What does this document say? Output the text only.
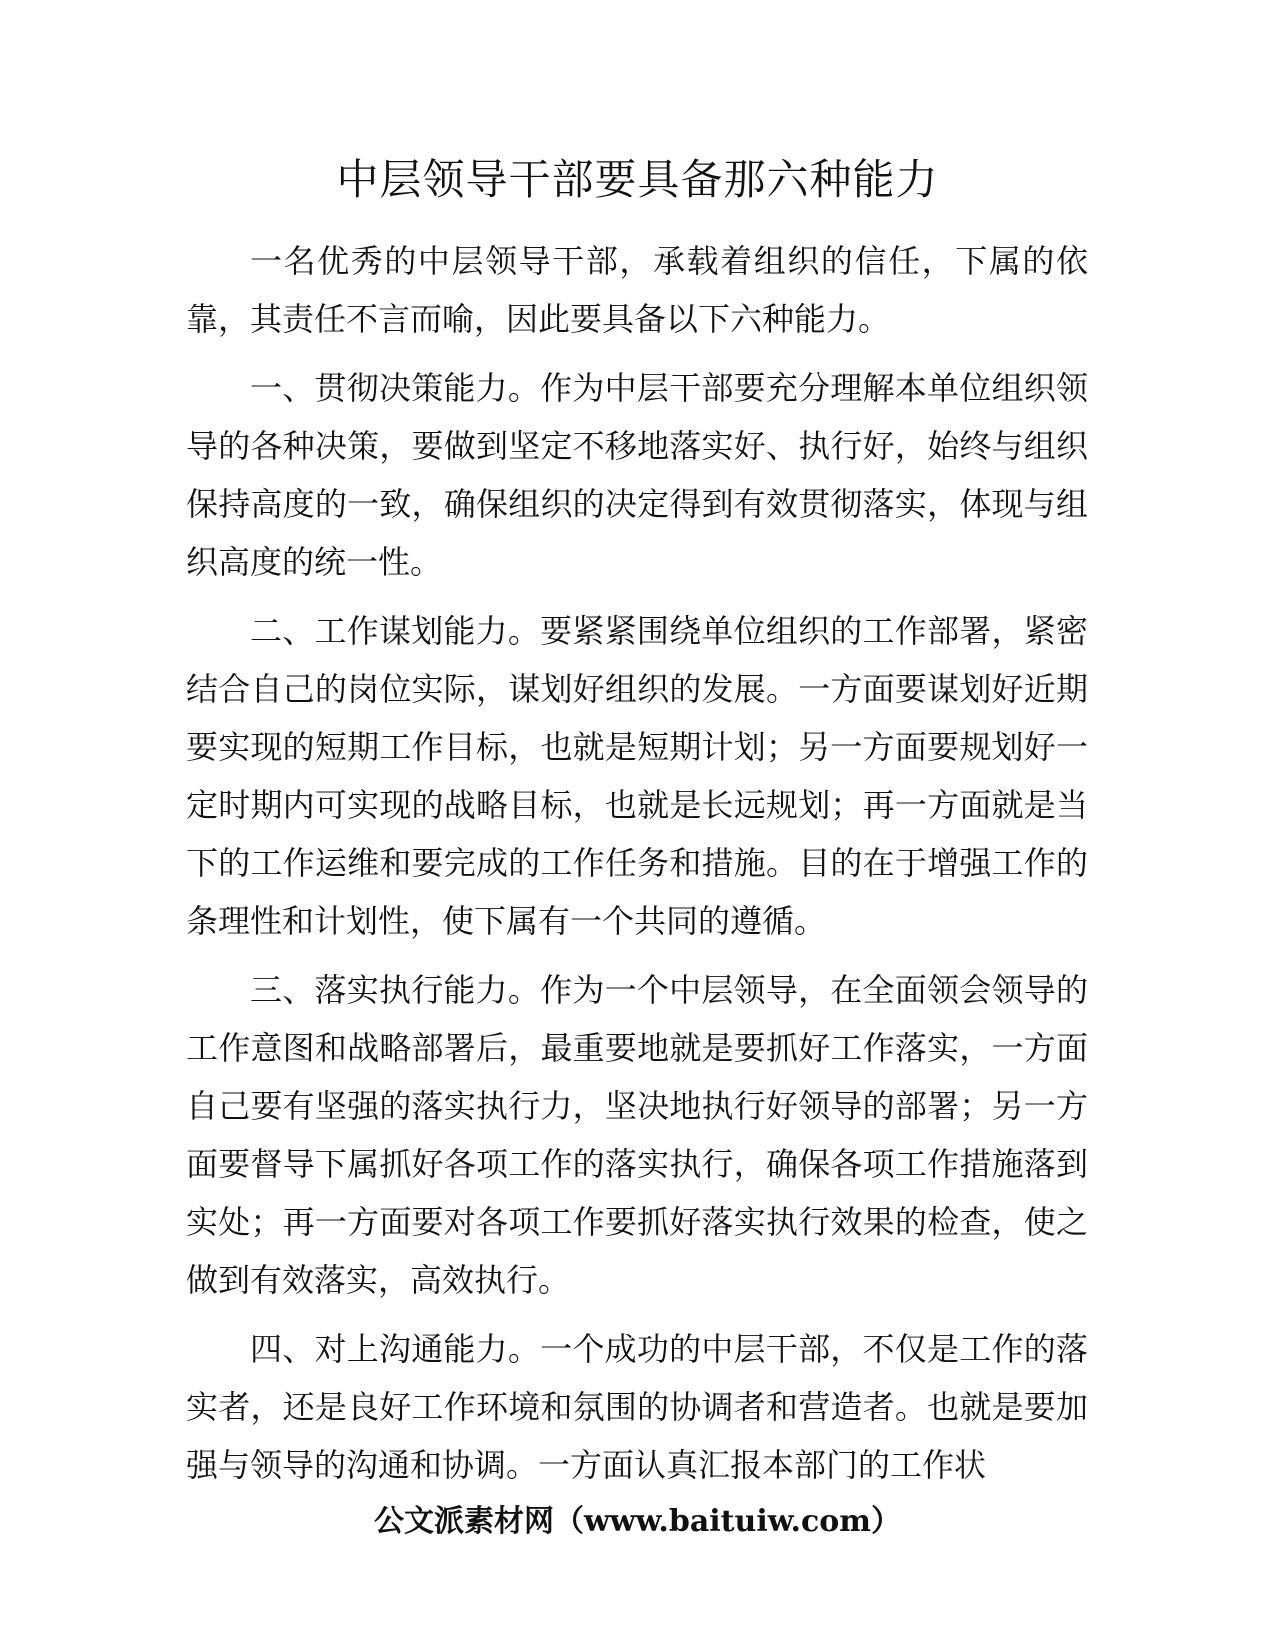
中层领导干部要具备那六种能力

一名优秀的中层领导干部，承载着组织的信任，下属的依靠，其责任不言而喻，因此要具备以下六种能力。

一、贯彻决策能力。作为中层干部要充分理解本单位组织领导的各种决策，要做到坚定不移地落实好、执行好，始终与组织保持高度的一致，确保组织的决定得到有效贯彻落实，体现与组织高度的统一性。

二、工作谋划能力。要紧紧围绕单位组织的工作部署，紧密结合自己的岗位实际，谋划好组织的发展。一方面要谋划好近期要实现的短期工作目标，也就是短期计划；另一方面要规划好一定时期内可实现的战略目标，也就是长远规划；再一方面就是当下的工作运维和要完成的工作任务和措施。目的在于增强工作的条理性和计划性，使下属有一个共同的遵循。

三、落实执行能力。作为一个中层领导，在全面领会领导的工作意图和战略部署后，最重要地就是要抓好工作落实，一方面自己要有坚强的落实执行力，坚决地执行好领导的部署；另一方面要督导下属抓好各项工作的落实执行，确保各项工作措施落到实处；再一方面要对各项工作要抓好落实执行效果的检查，使之做到有效落实，高效执行。

四、对上沟通能力。一个成功的中层干部，不仅是工作的落实者，还是良好工作环境和氛围的协调者和营造者。也就是要加强与领导的沟通和协调。一方面认真汇报本部门的工作状

公文派素材网（www.baituiw.com）
